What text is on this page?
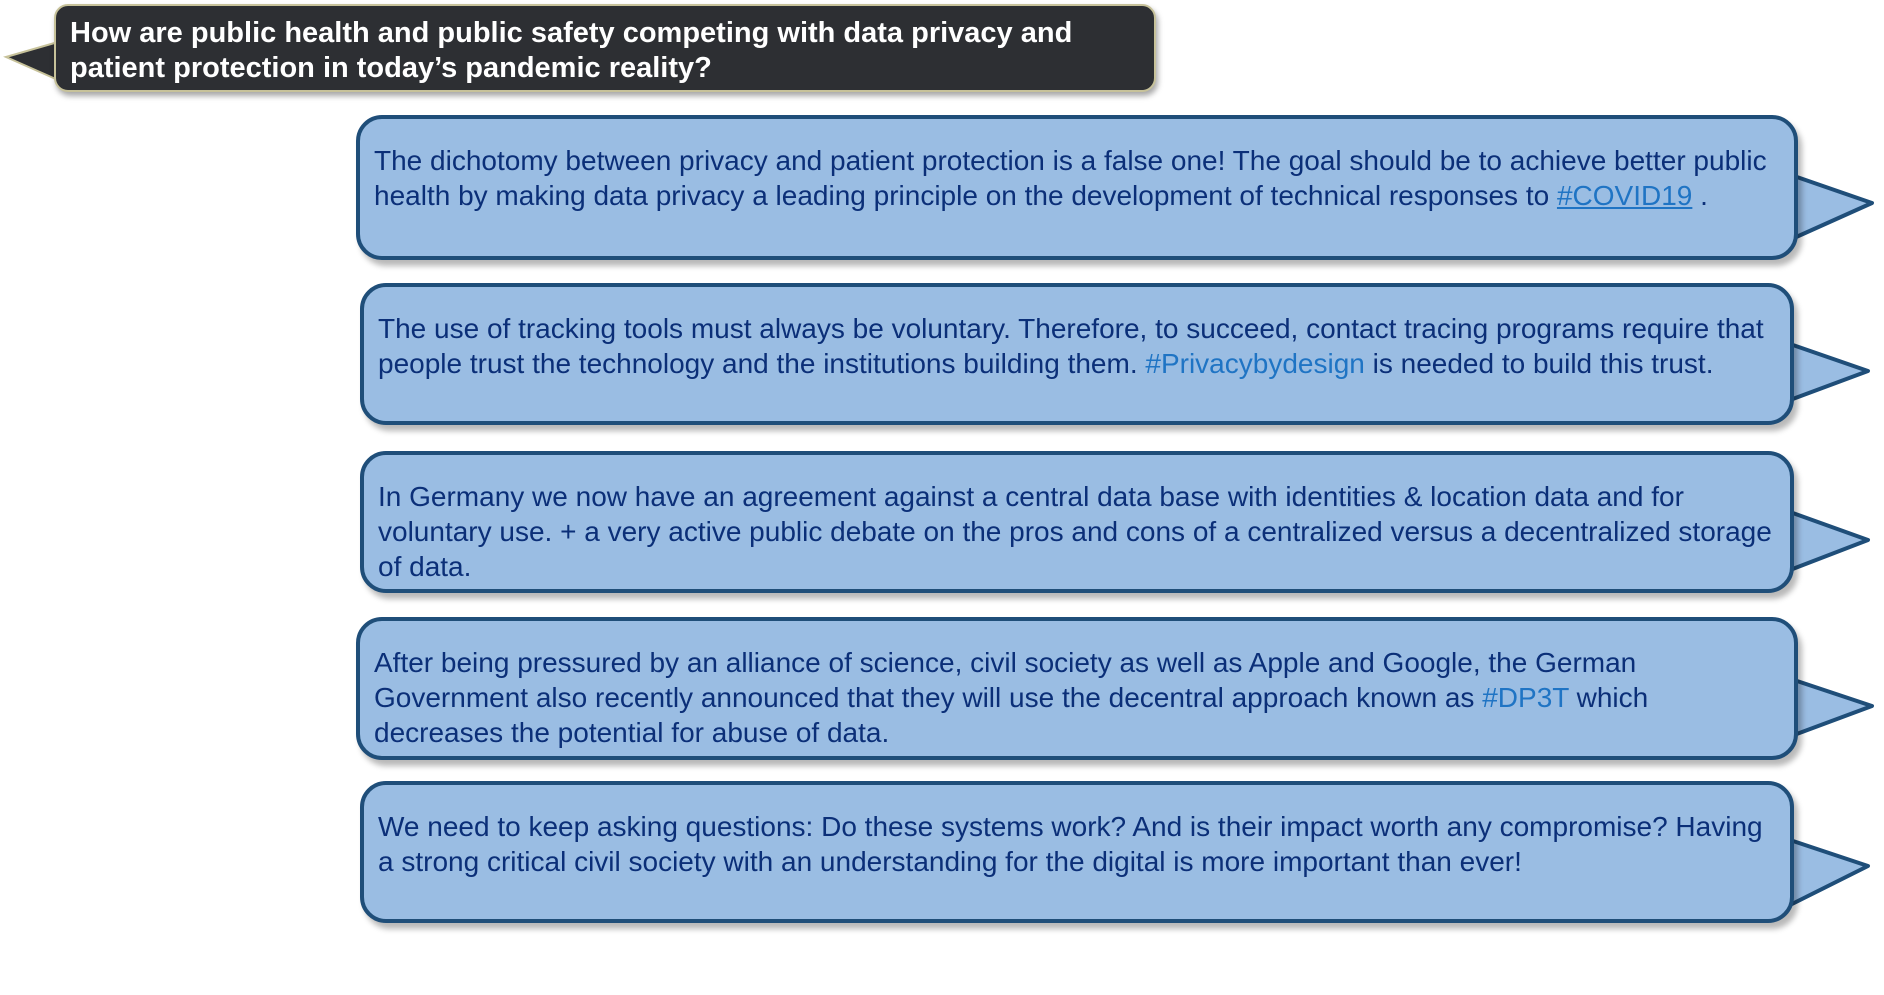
How are public health and public safety competing with data privacy and patient protection in today’s pandemic reality?
The dichotomy between privacy and patient protection is a false one! The goal should be to achieve better public health by making data privacy a leading principle on the development of technical responses to #COVID19 .
The use of tracking tools must always be voluntary. Therefore, to succeed, contact tracing programs require that people trust the technology and the institutions building them. #Privacybydesign is needed to build this trust.
In Germany we now have an agreement against a central data base with identities & location data and for voluntary use. + a very active public debate on the pros and cons of a centralized versus a decentralized storage of data.
After being pressured by an alliance of science, civil society as well as Apple and Google, the German Government also recently announced that they will use the decentral approach known as #DP3T which decreases the potential for abuse of data.
We need to keep asking questions: Do these systems work? And is their impact worth any compromise? Having a strong critical civil society with an understanding for the digital is more important than ever!
